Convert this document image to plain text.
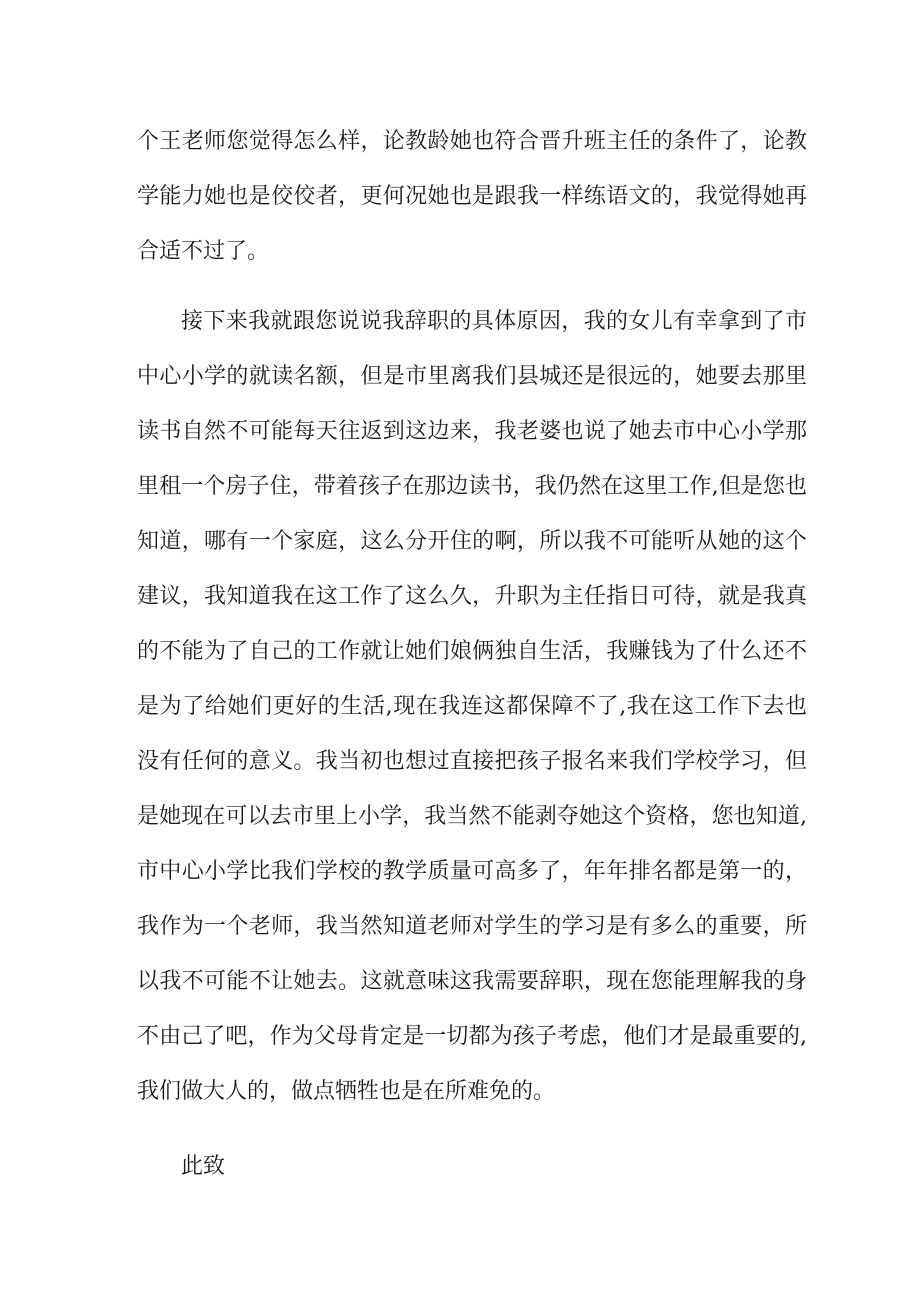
个王老师您觉得怎么样，论教龄她也符合晋升班主任的条件了，论教
学能力她也是佼佼者，更何况她也是跟我一样练语文的，我觉得她再
合适不过了。
接下来我就跟您说说我辞职的具体原因，我的女儿有幸拿到了市
中心小学的就读名额，但是市里离我们县城还是很远的，她要去那里
读书自然不可能每天往返到这边来，我老婆也说了她去市中心小学那
里租一个房子住，带着孩子在那边读书，我仍然在这里工作,但是您也
知道，哪有一个家庭，这么分开住的啊，所以我不可能听从她的这个
建议，我知道我在这工作了这么久，升职为主任指日可待，就是我真
的不能为了自己的工作就让她们娘俩独自生活，我赚钱为了什么还不
是为了给她们更好的生活,现在我连这都保障不了,我在这工作下去也
没有任何的意义。我当初也想过直接把孩子报名来我们学校学习，但
是她现在可以去市里上小学，我当然不能剥夺她这个资格，您也知道,
市中心小学比我们学校的教学质量可高多了，年年排名都是第一的，
我作为一个老师，我当然知道老师对学生的学习是有多么的重要，所
以我不可能不让她去。这就意味这我需要辞职，现在您能理解我的身
不由己了吧，作为父母肯定是一切都为孩子考虑，他们才是最重要的,
我们做大人的，做点牺牲也是在所难免的。
此致
